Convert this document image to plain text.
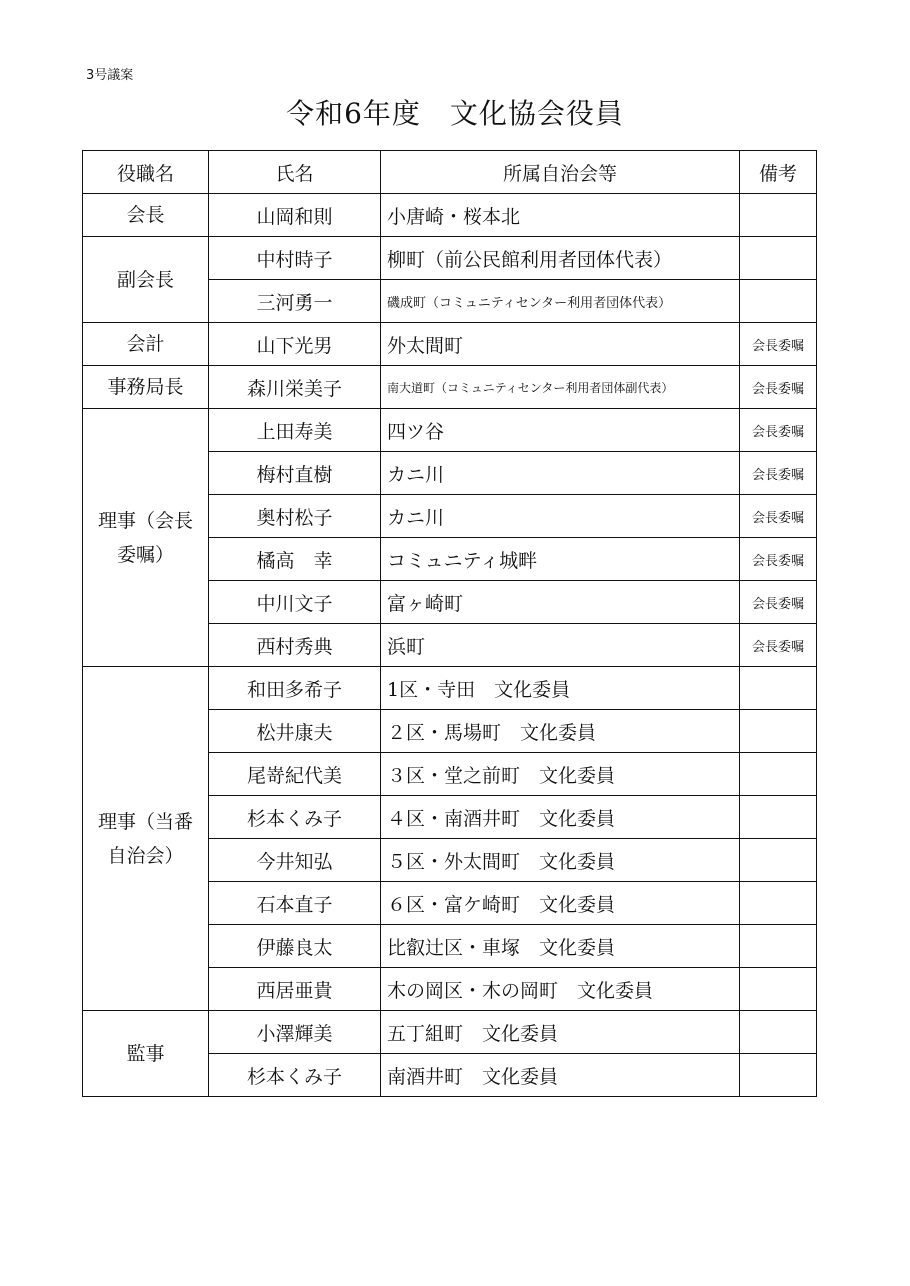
3号議案
令和6年度　文化協会役員
役職名	氏名	所属自治会等	備考
会長	山岡和則	小唐崎・桜本北	
副会長	中村時子	柳町（前公民館利用者団体代表）	
	三河勇一	磯成町（コミュニティセンター利用者団体代表）	
会計	山下光男	外太間町	会長委嘱
事務局長	森川栄美子	南大道町（コミュニティセンター利用者団体副代表）	会長委嘱
理事（会長委嘱）	上田寿美	四ツ谷	会長委嘱
	梅村直樹	カニ川	会長委嘱
	奥村松子	カニ川	会長委嘱
	橘高　幸	コミュニティ城畔	会長委嘱
	中川文子	富ヶ崎町	会長委嘱
	西村秀典	浜町	会長委嘱
理事（当番自治会）	和田多希子	1区・寺田　文化委員	
	松井康夫	２区・馬場町　文化委員	
	尾嵜紀代美	３区・堂之前町　文化委員	
	杉本くみ子	４区・南酒井町　文化委員	
	今井知弘	５区・外太間町　文化委員	
	石本直子	６区・富ケ崎町　文化委員	
	伊藤良太	比叡辻区・車塚　文化委員	
	西居亜貴	木の岡区・木の岡町　文化委員	
監事	小澤輝美	五丁組町　文化委員	
	杉本くみ子	南酒井町　文化委員	
